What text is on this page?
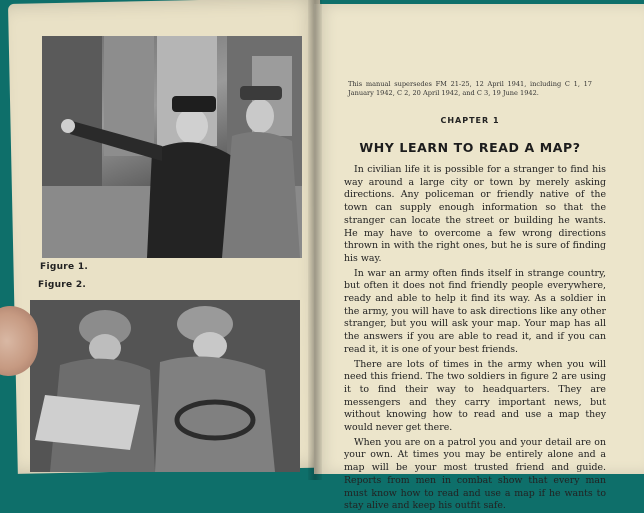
Figure 1.
Figure 2.
This manual supersedes FM 21-25, 12 April 1941, including C 1, 17 January 1942, C 2, 20 April 1942, and C 3, 19 June 1942.
CHAPTER 1
WHY LEARN TO READ A MAP?

In civilian life it is possible for a stranger to find his way around a large city or town by merely asking directions. Any policeman or friendly native of the town can supply enough information so that the stranger can locate the street or building he wants. He may have to overcome a few wrong directions thrown in with the right ones, but he is sure of finding his way.

In war an army often finds itself in strange country, but often it does not find friendly people everywhere, ready and able to help it find its way. As a soldier in the army, you will have to ask directions like any other stranger, but you will ask your map. Your map has all the answers if you are able to read it, and if you can read it, it is one of your best friends.

There are lots of times in the army when you will need this friend. The two soldiers in figure 2 are using it to find their way to headquarters. They are messengers and they carry important news, but without knowing how to read and use a map they would never get there.

When you are on a patrol you and your detail are on your own. At times you may be entirely alone and a map will be your most trusted friend and guide. Reports from men in combat show that every man must know how to read and use a map if he wants to stay alive and keep his outfit safe.
